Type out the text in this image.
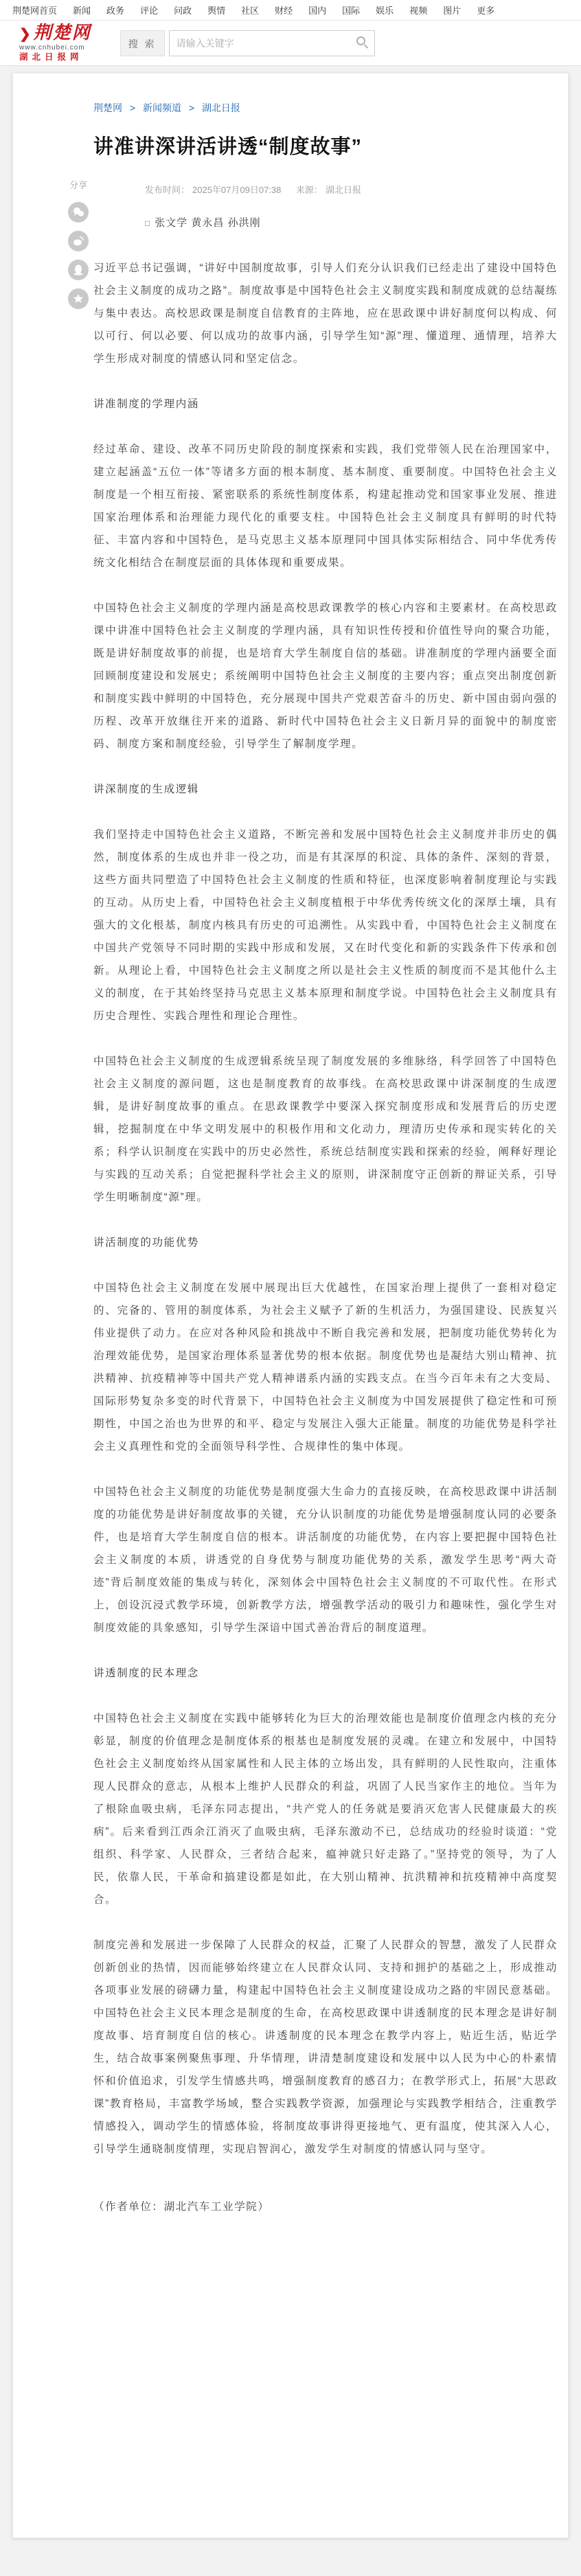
荆楚网首页 新闻 政务 评论 问政 舆情 社区 财经 国内 国际 娱乐 视频 图片 更多
❯荆楚网
www.cnhubei.com
湖北日报网
搜 索
请输入关键字
荆楚网 > 新闻频道 > 湖北日报
讲准讲深讲活讲透“制度故事”
发布时间： 2025年07月09日07:38 来源： 湖北日报
□ 张文学 黄永昌 孙洪刚
分享
习近平总书记强调，“讲好中国制度故事，引导人们充分认识我们已经走出了建设中国特色社会主义制度的成功之路”。制度故事是中国特色社会主义制度实践和制度成就的总结凝练与集中表达。高校思政课是制度自信教育的主阵地，应在思政课中讲好制度何以构成、何以可行、何以必要、何以成功的故事内涵，引导学生知“源”理、懂道理、通情理，培养大学生形成对制度的情感认同和坚定信念。
讲准制度的学理内涵
经过革命、建设、改革不同历史阶段的制度探索和实践，我们党带领人民在治理国家中，建立起涵盖“五位一体”等诸多方面的根本制度、基本制度、重要制度。中国特色社会主义制度是一个相互衔接、紧密联系的系统性制度体系，构建起推动党和国家事业发展、推进国家治理体系和治理能力现代化的重要支柱。中国特色社会主义制度具有鲜明的时代特征、丰富内容和中国特色，是马克思主义基本原理同中国具体实际相结合、同中华优秀传统文化相结合在制度层面的具体体现和重要成果。
中国特色社会主义制度的学理内涵是高校思政课教学的核心内容和主要素材。在高校思政课中讲准中国特色社会主义制度的学理内涵，具有知识性传授和价值性导向的聚合功能，既是讲好制度故事的前提，也是培育大学生制度自信的基础。讲准制度的学理内涵要全面回顾制度建设和发展史；系统阐明中国特色社会主义制度的主要内容；重点突出制度创新和制度实践中鲜明的中国特色，充分展现中国共产党艰苦奋斗的历史、新中国由弱向强的历程、改革开放继往开来的道路、新时代中国特色社会主义日新月异的面貌中的制度密码、制度方案和制度经验，引导学生了解制度学理。
讲深制度的生成逻辑
我们坚持走中国特色社会主义道路，不断完善和发展中国特色社会主义制度并非历史的偶然，制度体系的生成也并非一役之功，而是有其深厚的积淀、具体的条件、深刻的背景，这些方面共同塑造了中国特色社会主义制度的性质和特征，也深度影响着制度理论与实践的互动。从历史上看，中国特色社会主义制度植根于中华优秀传统文化的深厚土壤，具有强大的文化根基，制度内核具有历史的可追溯性。从实践中看，中国特色社会主义制度在中国共产党领导不同时期的实践中形成和发展，又在时代变化和新的实践条件下传承和创新。从理论上看，中国特色社会主义制度之所以是社会主义性质的制度而不是其他什么主义的制度，在于其始终坚持马克思主义基本原理和制度学说。中国特色社会主义制度具有历史合理性、实践合理性和理论合理性。
中国特色社会主义制度的生成逻辑系统呈现了制度发展的多维脉络，科学回答了中国特色社会主义制度的源问题，这也是制度教育的故事线。在高校思政课中讲深制度的生成逻辑，是讲好制度故事的重点。在思政课教学中要深入探究制度形成和发展背后的历史逻辑，挖掘制度在中华文明发展中的积极作用和文化动力，理清历史传承和现实转化的关系；科学认识制度在实践中的历史必然性，系统总结制度实践和探索的经验，阐释好理论与实践的互动关系；自觉把握科学社会主义的原则，讲深制度守正创新的辩证关系，引导学生明晰制度“源”理。
讲活制度的功能优势
中国特色社会主义制度在发展中展现出巨大优越性，在国家治理上提供了一套相对稳定的、完备的、管用的制度体系，为社会主义赋予了新的生机活力，为强国建设、民族复兴伟业提供了动力。在应对各种风险和挑战中不断自我完善和发展，把制度功能优势转化为治理效能优势，是国家治理体系显著优势的根本依据。制度优势也是凝结大别山精神、抗洪精神、抗疫精神等中国共产党人精神谱系内涵的实践支点。在当今百年未有之大变局、国际形势复杂多变的时代背景下，中国特色社会主义制度为中国发展提供了稳定性和可预期性，中国之治也为世界的和平、稳定与发展注入强大正能量。制度的功能优势是科学社会主义真理性和党的全面领导科学性、合规律性的集中体现。
中国特色社会主义制度的功能优势是制度强大生命力的直接反映，在高校思政课中讲活制度的功能优势是讲好制度故事的关键，充分认识制度的功能优势是增强制度认同的必要条件，也是培育大学生制度自信的根本。讲活制度的功能优势，在内容上要把握中国特色社会主义制度的本质，讲透党的自身优势与制度功能优势的关系，激发学生思考“两大奇迹”背后制度效能的集成与转化，深刻体会中国特色社会主义制度的不可取代性。在形式上，创设沉浸式教学环境，创新教学方法，增强教学活动的吸引力和趣味性，强化学生对制度效能的具象感知，引导学生深谙中国式善治背后的制度道理。
讲透制度的民本理念
中国特色社会主义制度在实践中能够转化为巨大的治理效能也是制度价值理念内核的充分彰显，制度的价值理念是制度体系的根基也是制度发展的灵魂。在建立和发展中，中国特色社会主义制度始终从国家属性和人民主体的立场出发，具有鲜明的人民性取向，注重体现人民群众的意志，从根本上维护人民群众的利益，巩固了人民当家作主的地位。当年为了根除血吸虫病，毛泽东同志提出，“共产党人的任务就是要消灭危害人民健康最大的疾病”。后来看到江西余江消灭了血吸虫病，毛泽东激动不已，总结成功的经验时谈道：“党组织、科学家、人民群众，三者结合起来，瘟神就只好走路了。”坚持党的领导，为了人民，依靠人民，干革命和搞建设都是如此，在大别山精神、抗洪精神和抗疫精神中高度契合。
制度完善和发展进一步保障了人民群众的权益，汇聚了人民群众的智慧，激发了人民群众创新创业的热情，因而能够始终建立在人民群众认同、支持和拥护的基础之上，形成推动各项事业发展的磅礴力量，构建起中国特色社会主义制度建设成功之路的牢固民意基础。中国特色社会主义民本理念是制度的生命，在高校思政课中讲透制度的民本理念是讲好制度故事、培育制度自信的核心。讲透制度的民本理念在教学内容上，贴近生活，贴近学生，结合故事案例聚焦事理、升华情理，讲清楚制度建设和发展中以人民为中心的朴素情怀和价值追求，引发学生情感共鸣，增强制度教育的感召力；在教学形式上，拓展“大思政课”教育格局，丰富教学场域，整合实践教学资源，加强理论与实践教学相结合，注重教学情感投入，调动学生的情感体验，将制度故事讲得更接地气、更有温度，使其深入人心，引导学生通晓制度情理，实现启智润心，激发学生对制度的情感认同与坚守。
（作者单位：湖北汽车工业学院）
